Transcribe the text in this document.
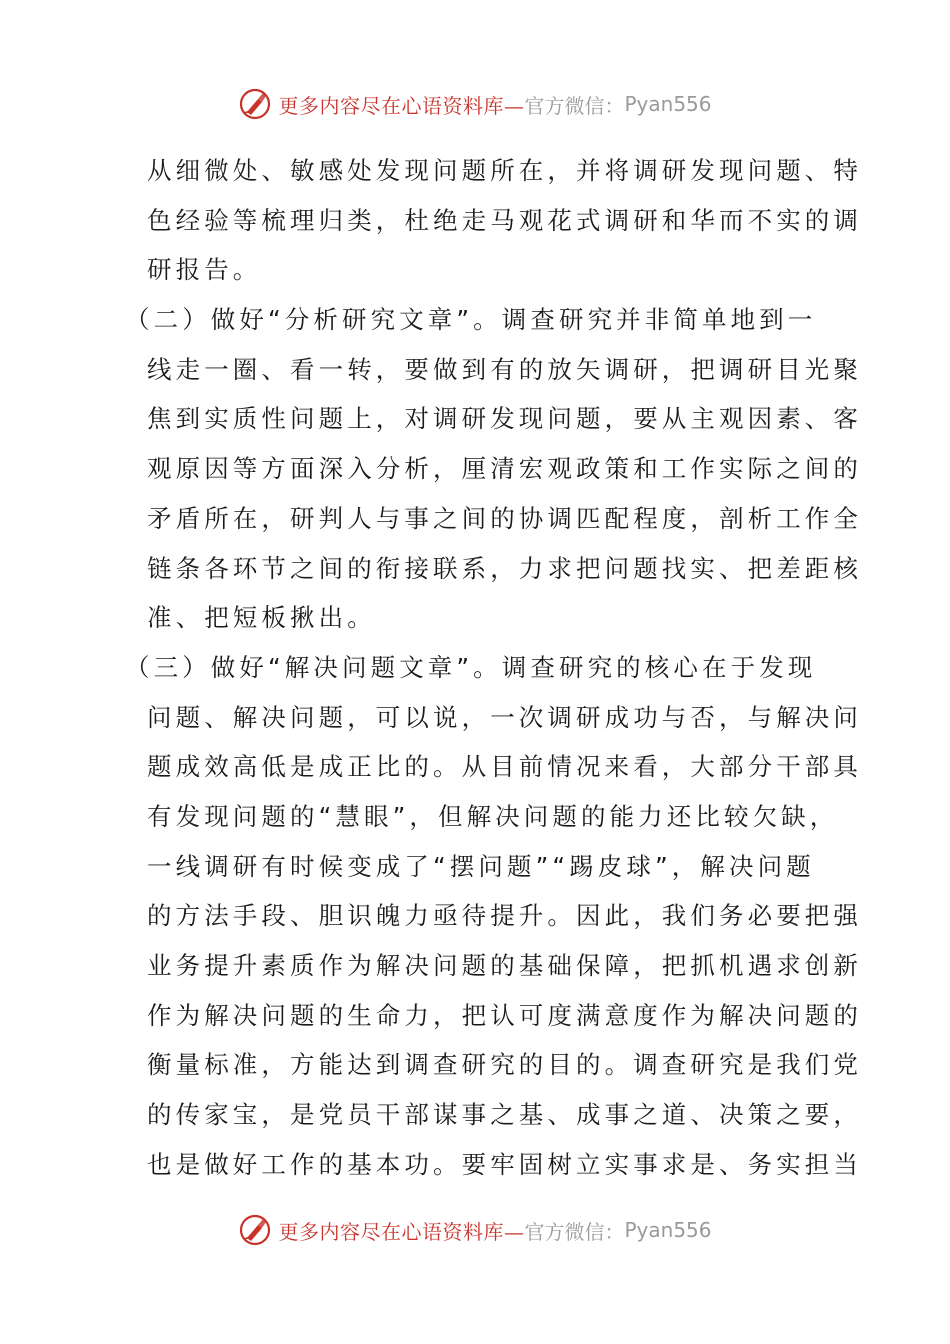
更多内容尽在心语资料库— 官方微信： Pyan556
从细微处、敏感处发现问题所在，并将调研发现问题、特
色经验等梳理归类，杜绝走马观花式调研和华而不实的调
研报告。
（二）做好“分析研究文章”。调查研究并非简单地到一
线走一圈、看一转，要做到有的放矢调研，把调研目光聚
焦到实质性问题上，对调研发现问题，要从主观因素、客
观原因等方面深入分析，厘清宏观政策和工作实际之间的
矛盾所在，研判人与事之间的协调匹配程度，剖析工作全
链条各环节之间的衔接联系，力求把问题找实、把差距核
准、把短板揪出。
（三）做好“解决问题文章”。调查研究的核心在于发现
问题、解决问题，可以说，一次调研成功与否，与解决问
题成效高低是成正比的。从目前情况来看，大部分干部具
有发现问题的“慧眼”，但解决问题的能力还比较欠缺，
一线调研有时候变成了“摆问题”“踢皮球”，解决问题
的方法手段、胆识魄力亟待提升。因此，我们务必要把强
业务提升素质作为解决问题的基础保障，把抓机遇求创新
作为解决问题的生命力，把认可度满意度作为解决问题的
衡量标准，方能达到调查研究的目的。调查研究是我们党
的传家宝，是党员干部谋事之基、成事之道、决策之要，
也是做好工作的基本功。要牢固树立实事求是、务实担当
更多内容尽在心语资料库— 官方微信： Pyan556
